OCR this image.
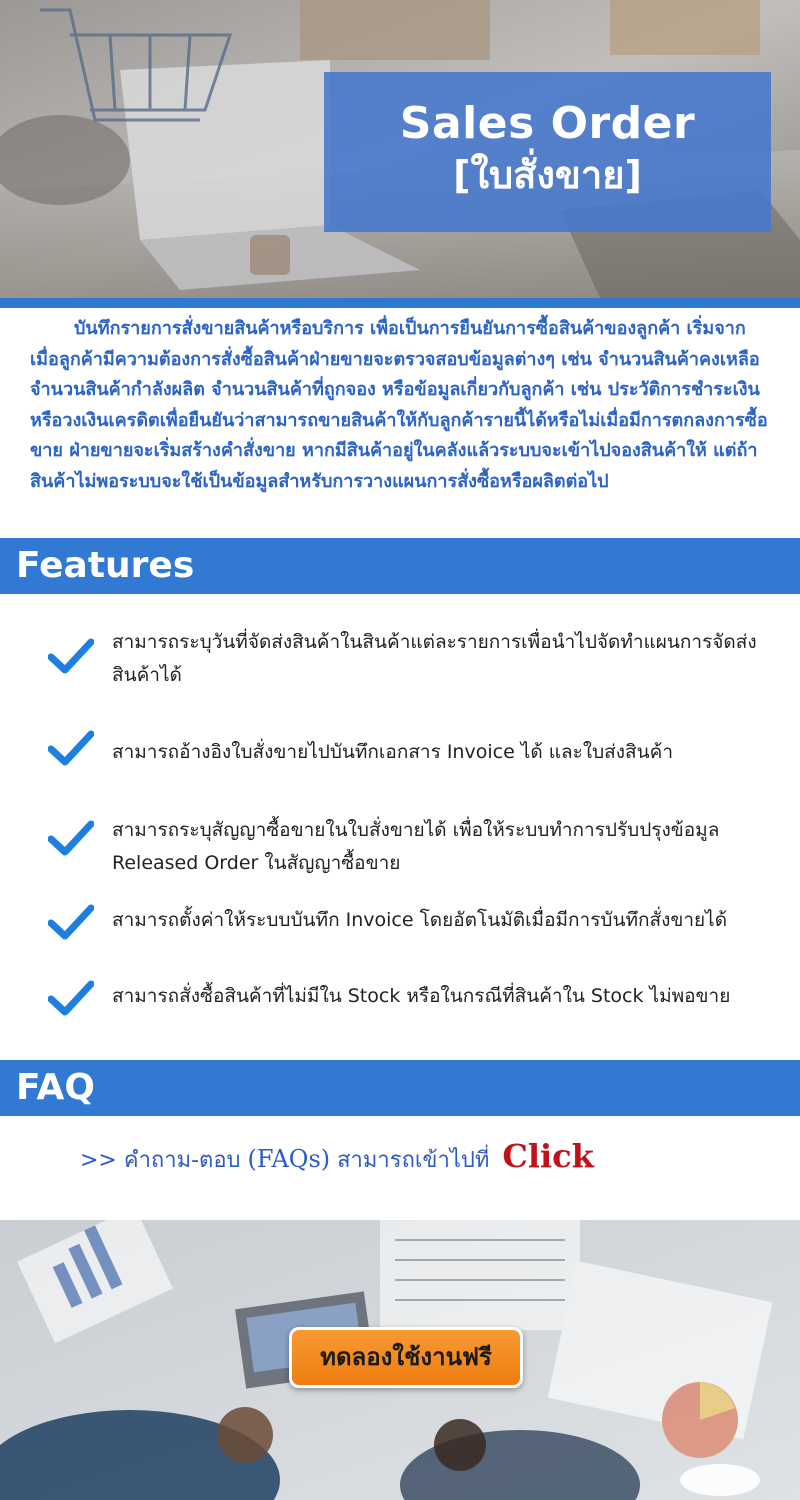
Sales Order
[ใบสั่งขาย]

บันทึกรายการสั่งขายสินค้าหรือบริการ เพื่อเป็นการยืนยันการซื้อสินค้าของลูกค้า เริ่มจากเมื่อลูกค้ามีความต้องการสั่งซื้อสินค้าฝ่ายขายจะตรวจสอบข้อมูลต่างๆ เช่น จำนวนสินค้าคงเหลือ จำนวนสินค้ากำลังผลิต จำนวนสินค้าที่ถูกจอง หรือข้อมูลเกี่ยวกับลูกค้า เช่น ประวัติการชำระเงินหรือวงเงินเครดิตเพื่อยืนยันว่าสามารถขายสินค้าให้กับลูกค้ารายนี้ได้หรือไม่เมื่อมีการตกลงการซื้อขาย ฝ่ายขายจะเริ่มสร้างคำสั่งขาย หากมีสินค้าอยู่ในคลังแล้วระบบจะเข้าไปจองสินค้าให้ แต่ถ้าสินค้าไม่พอระบบจะใช้เป็นข้อมูลสำหรับการวางแผนการสั่งซื้อหรือผลิตต่อไป

Features
สามารถระบุวันที่จัดส่งสินค้าในสินค้าแต่ละรายการเพื่อนำไปจัดทำแผนการจัดส่งสินค้าได้
สามารถอ้างอิงใบสั่งขายไปบันทึกเอกสาร Invoice ได้ และใบส่งสินค้า
สามารถระบุสัญญาซื้อขายในใบสั่งขายได้ เพื่อให้ระบบทำการปรับปรุงข้อมูล Released Order ในสัญญาซื้อขาย
สามารถตั้งค่าให้ระบบบันทึก Invoice โดยอัตโนมัติเมื่อมีการบันทึกสั่งขายได้
สามารถสั่งซื้อสินค้าที่ไม่มีใน Stock หรือในกรณีที่สินค้าใน Stock ไม่พอขาย
FAQ
>> คำถาม-ตอบ (FAQs) สามารถเข้าไปที่ Click
ทดลองใช้งานฟรี
